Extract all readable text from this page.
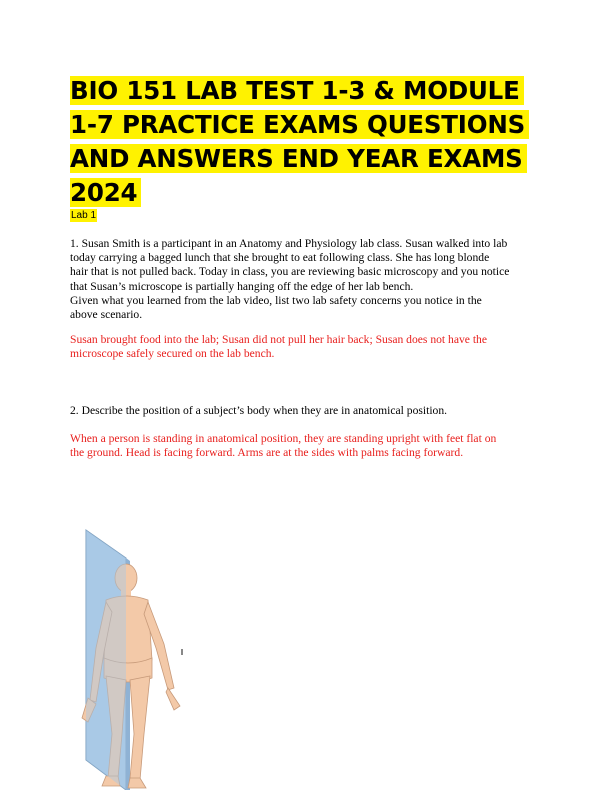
BIO 151 LAB TEST 1-3 & MODULE 1-7 PRACTICE EXAMS QUESTIONS AND ANSWERS END YEAR EXAMS 2024
Lab 1
1. Susan Smith is a participant in an Anatomy and Physiology lab class. Susan walked into lab today carrying a bagged lunch that she brought to eat following class. She has long blonde hair that is not pulled back. Today in class, you are reviewing basic microscopy and you notice that Susan’s microscope is partially hanging off the edge of her lab bench.
Given what you learned from the lab video, list two lab safety concerns you notice in the above scenario.
Susan brought food into the lab; Susan did not pull her hair back; Susan does not have the microscope safely secured on the lab bench.
2. Describe the position of a subject’s body when they are in anatomical position.
When a person is standing in anatomical position, they are standing upright with feet flat on the ground. Head is facing forward. Arms are at the sides with palms facing forward.
